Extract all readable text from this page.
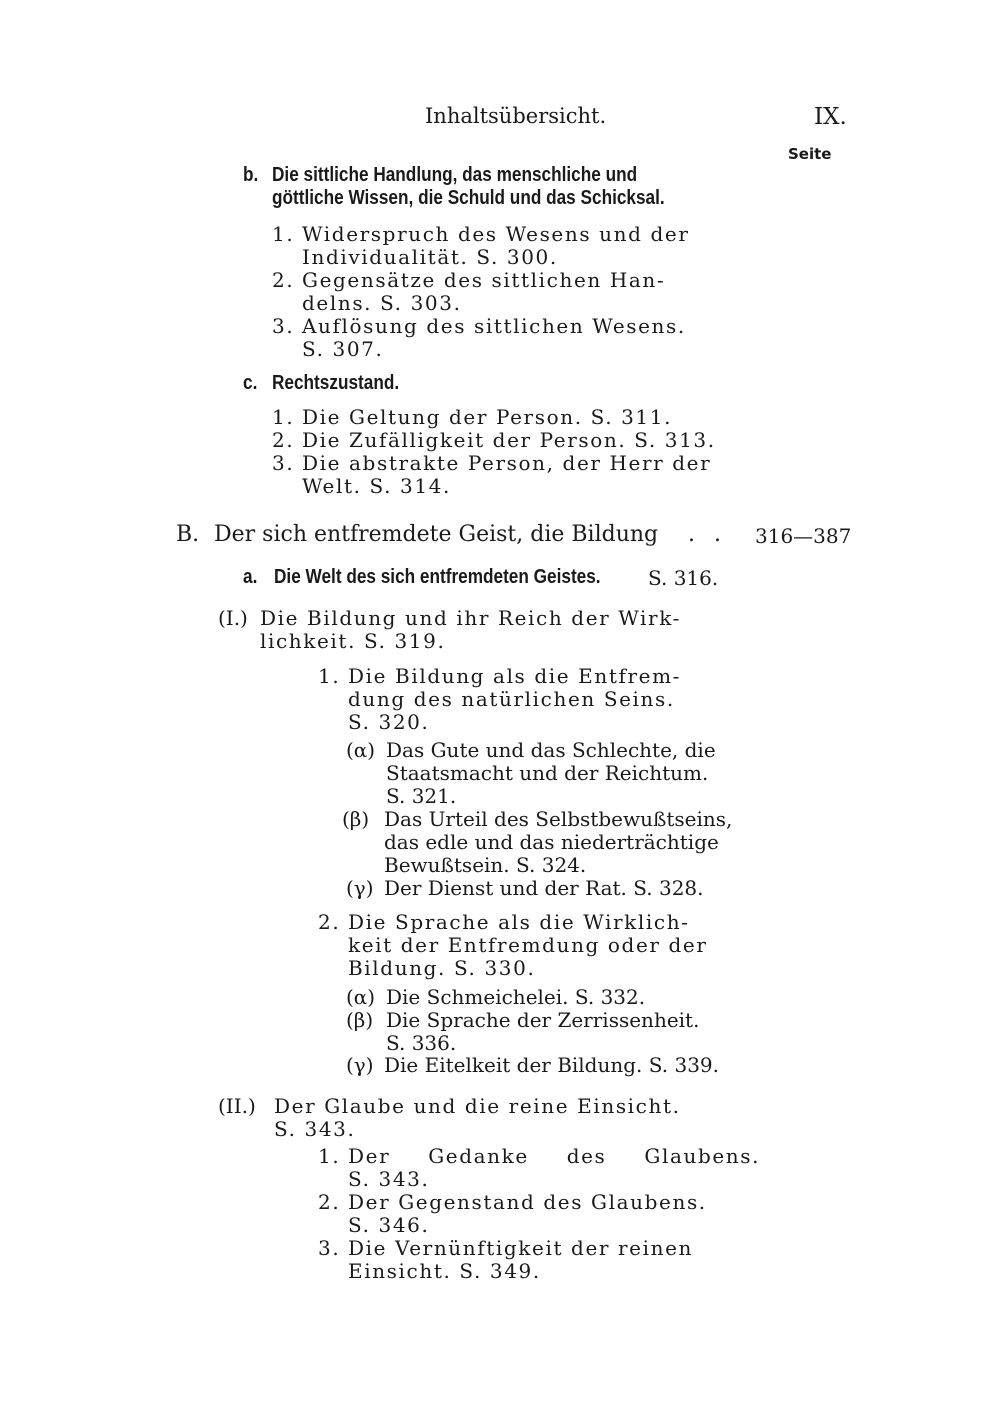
Inhaltsübersicht.	IX.
Seite
b. Die sittliche Handlung, das menschliche und
göttliche Wissen, die Schuld und das Schicksal.
1. Widerspruch des Wesens und der
Individualität. S. 300.
2. Gegensätze des sittlichen Han-
delns. S. 303.
3. Auflösung des sittlichen Wesens.
S. 307.
c. Rechtszustand.
1. Die Geltung der Person. S. 311.
2. Die Zufälligkeit der Person. S. 313.
3. Die abstrakte Person, der Herr der
Welt. S. 314.
B. Der sich entfremdete Geist, die Bildung . . 316—387
a. Die Welt des sich entfremdeten Geistes. S. 316.
(I.) Die Bildung und ihr Reich der Wirk-
lichkeit. S. 319.
1. Die Bildung als die Entfrem-
dung des natürlichen Seins.
S. 320.
(α) Das Gute und das Schlechte, die
Staatsmacht und der Reichtum.
S. 321.
(β) Das Urteil des Selbstbewußtseins,
das edle und das niederträchtige
Bewußtsein. S. 324.
(γ) Der Dienst und der Rat. S. 328.
2. Die Sprache als die Wirklich-
keit der Entfremdung oder der
Bildung. S. 330.
(α) Die Schmeichelei. S. 332.
(β) Die Sprache der Zerrissenheit.
S. 336.
(γ) Die Eitelkeit der Bildung. S. 339.
(II.) Der Glaube und die reine Einsicht.
S. 343.
1. Der Gedanke des Glaubens.
S. 343.
2. Der Gegenstand des Glaubens.
S. 346.
3. Die Vernünftigkeit der reinen
Einsicht. S. 349.
